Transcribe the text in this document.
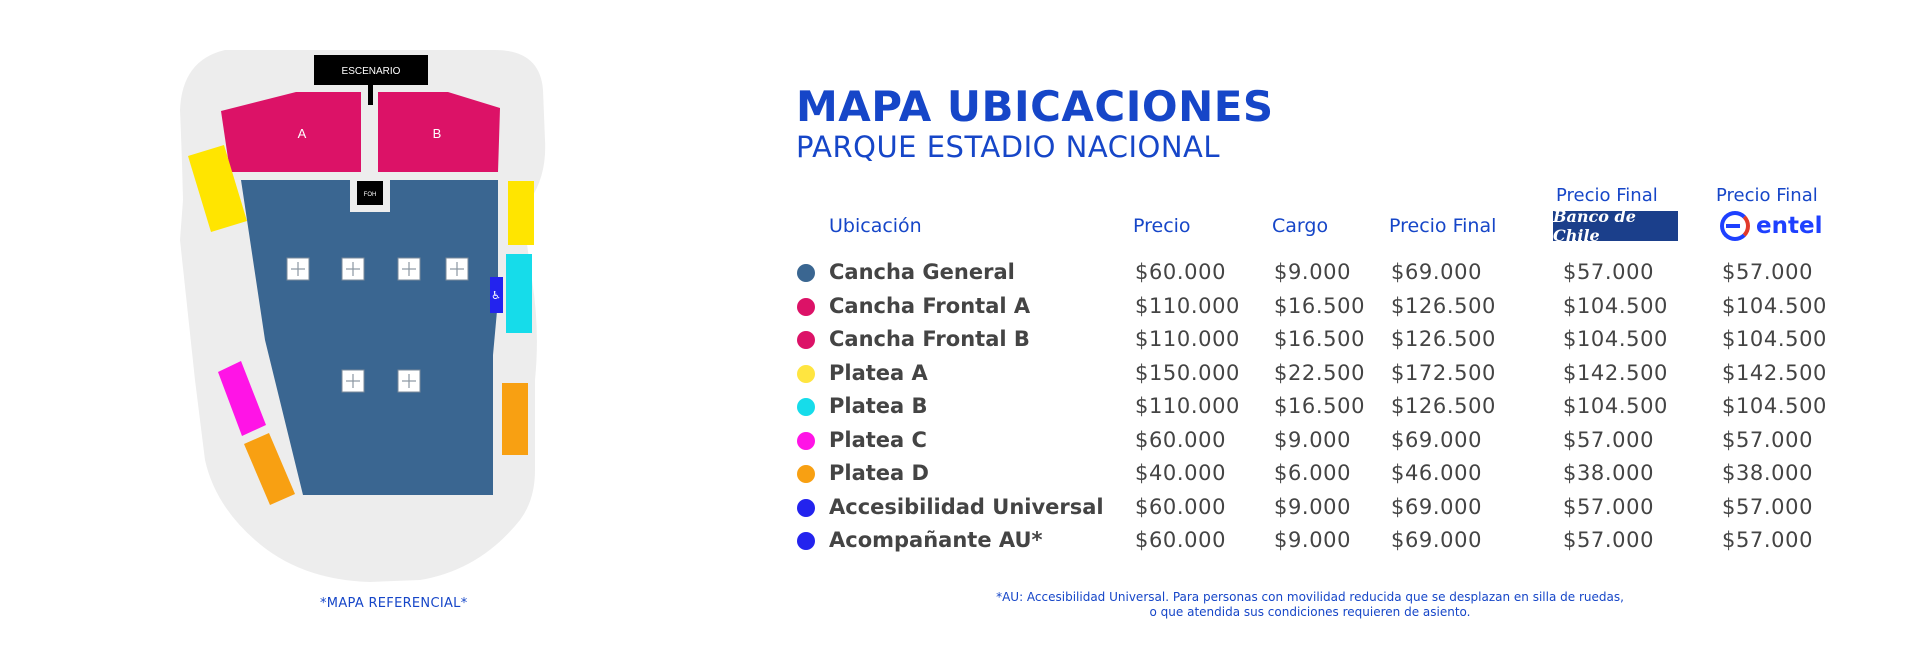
ESCENARIO
A	B
FOH
♿
*MAPA REFERENCIAL*
MAPA UBICACIONES
PARQUE ESTADIO NACIONAL
Ubicación	Precio	Cargo	Precio Final
Precio Final
Banco de Chile
Precio Final
entel
Cancha General	$60.000 $9.000 $69.000	$57.000	$57.000
Cancha Frontal A	$110.000 $16.500 $126.500	$104.500	$104.500
Cancha Frontal B	$110.000 $16.500 $126.500	$104.500	$104.500
Platea A	$150.000 $22.500 $172.500	$142.500	$142.500
Platea B	$110.000 $16.500 $126.500	$104.500	$104.500
Platea C	$60.000 $9.000 $69.000	$57.000	$57.000
Platea D	$40.000 $6.000 $46.000	$38.000	$38.000
Accesibilidad Universal $60.000 $9.000 $69.000	$57.000	$57.000
Acompañante AU*	$60.000 $9.000 $69.000	$57.000	$57.000
*AU: Accesibilidad Universal. Para personas con movilidad reducida que se desplazan en silla de ruedas,
o que atendida sus condiciones requieren de asiento.
